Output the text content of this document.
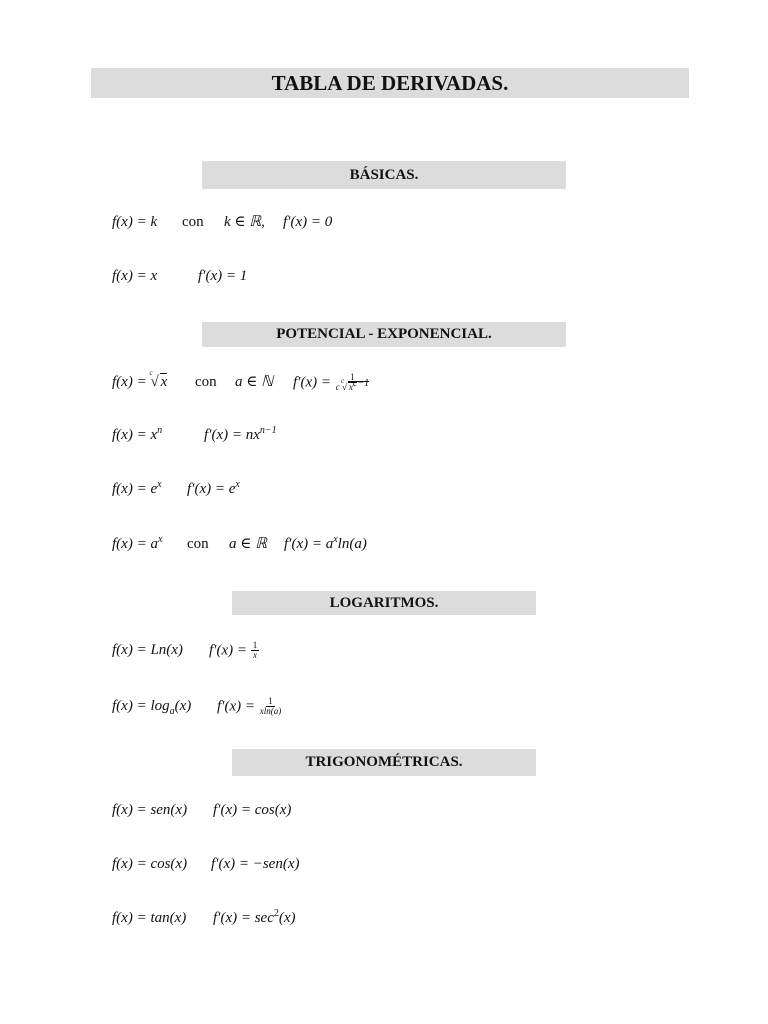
TABLA DE DERIVADAS.
BÁSICAS.
f(x) = k con k ∈ ℝ, f′(x) = 0
f(x) = x	f′(x) = 1
POTENCIAL - EXPONENCIAL.
f(x) =
c
√ x con a ∈ ℕ f′(x) = 1
c
c
√ $x^{c-1}$
$f(x) = x^n$	$f'(x) = nx^{n-1}$
$f(x) = e^x$ $f'(x) = e^x$
$f(x) = a^x$ con a ∈ ℝ $f'(x) = a^x\ln(a)$
LOGARITMOS.
f(x) = Ln(x) $f'(x) = \frac{1}{x}$
$f(x) = \log_a(x) f'(x) = \frac{1}{xln(a)}$
TRIGONOMÉTRICAS.
f(x) = sen(x) f′(x) = cos(x)
f(x) = cos(x) f′(x) = −sen(x)
f(x) = tan(x) $f'(x) = \sec^2(x)$
